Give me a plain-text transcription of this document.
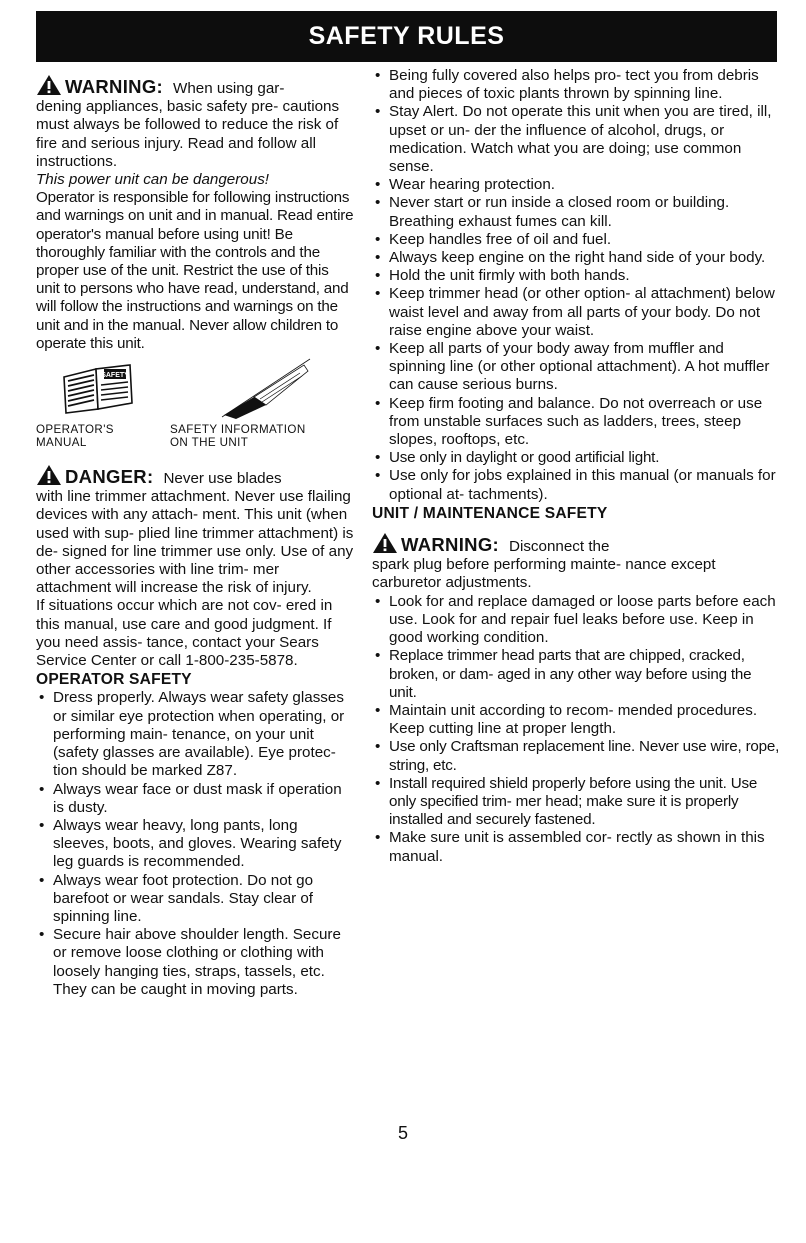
SAFETY RULES
WARNING: When using gar-

dening appliances, basic safety pre- cautions must always be followed to reduce the risk of fire and serious injury. Read and follow all instructions.

This power unit can be dangerous!

Operator is responsible for following instructions and warnings on unit and in manual. Read entire operator's manual before using unit! Be thoroughly familiar with the controls and the proper use of the unit. Restrict the use of this unit to persons who have read, understand, and will follow the instructions and warnings on the unit and in the manual. Never allow children to operate this unit.

SAFETY
OPERATOR'S MANUAL
SAFETY INFORMATION ON THE UNIT
DANGER: Never use blades

with line trimmer attachment. Never use flailing devices with any attach- ment. This unit (when used with sup- plied line trimmer attachment) is de- signed for line trimmer use only. Use of any other accessories with line trim- mer attachment will increase the risk of injury.

If situations occur which are not cov- ered in this manual, use care and good judgment. If you need assis- tance, contact your Sears Service Center or call 1-800-235-5878.

OPERATOR SAFETY
• Dress properly. Always wear safety glasses or similar eye protection when operating, or performing main- tenance, on your unit (safety glasses are available). Eye protec- tion should be marked Z87.
• Always wear face or dust mask if operation is dusty.
• Always wear heavy, long pants, long sleeves, boots, and gloves. Wearing safety leg guards is recommended.
• Always wear foot protection. Do not go barefoot or wear sandals. Stay clear of spinning line.
• Secure hair above shoulder length. Secure or remove loose clothing or clothing with loosely hanging ties, straps, tassels, etc. They can be caught in moving parts.
• Being fully covered also helps pro- tect you from debris and pieces of toxic plants thrown by spinning line.
• Stay Alert. Do not operate this unit when you are tired, ill, upset or un- der the influence of alcohol, drugs, or medication. Watch what you are doing; use common sense.
• Wear hearing protection.
• Never start or run inside a closed room or building. Breathing exhaust fumes can kill.
• Keep handles free of oil and fuel.
• Always keep engine on the right hand side of your body.
• Hold the unit firmly with both hands.
• Keep trimmer head (or other option- al attachment) below waist level and away from all parts of your body. Do not raise engine above your waist.
• Keep all parts of your body away from muffler and spinning line (or other optional attachment). A hot muffler can cause serious burns.
• Keep firm footing and balance. Do not overreach or use from unstable surfaces such as ladders, trees, steep slopes, rooftops, etc.
• Use only in daylight or good artificial light.
• Use only for jobs explained in this manual (or manuals for optional at- tachments).
UNIT / MAINTENANCE SAFETY
WARNING: Disconnect the

spark plug before performing mainte- nance except carburetor adjustments.

• Look for and replace damaged or loose parts before each use. Look for and repair fuel leaks before use. Keep in good working condition.
• Replace trimmer head parts that are chipped, cracked, broken, or dam- aged in any other way before using the unit.
• Maintain unit according to recom- mended procedures. Keep cutting line at proper length.
• Use only Craftsman replacement line. Never use wire, rope, string, etc.
• Install required shield properly before using the unit. Use only specified trim- mer head; make sure it is properly installed and securely fastened.
• Make sure unit is assembled cor- rectly as shown in this manual.
5
